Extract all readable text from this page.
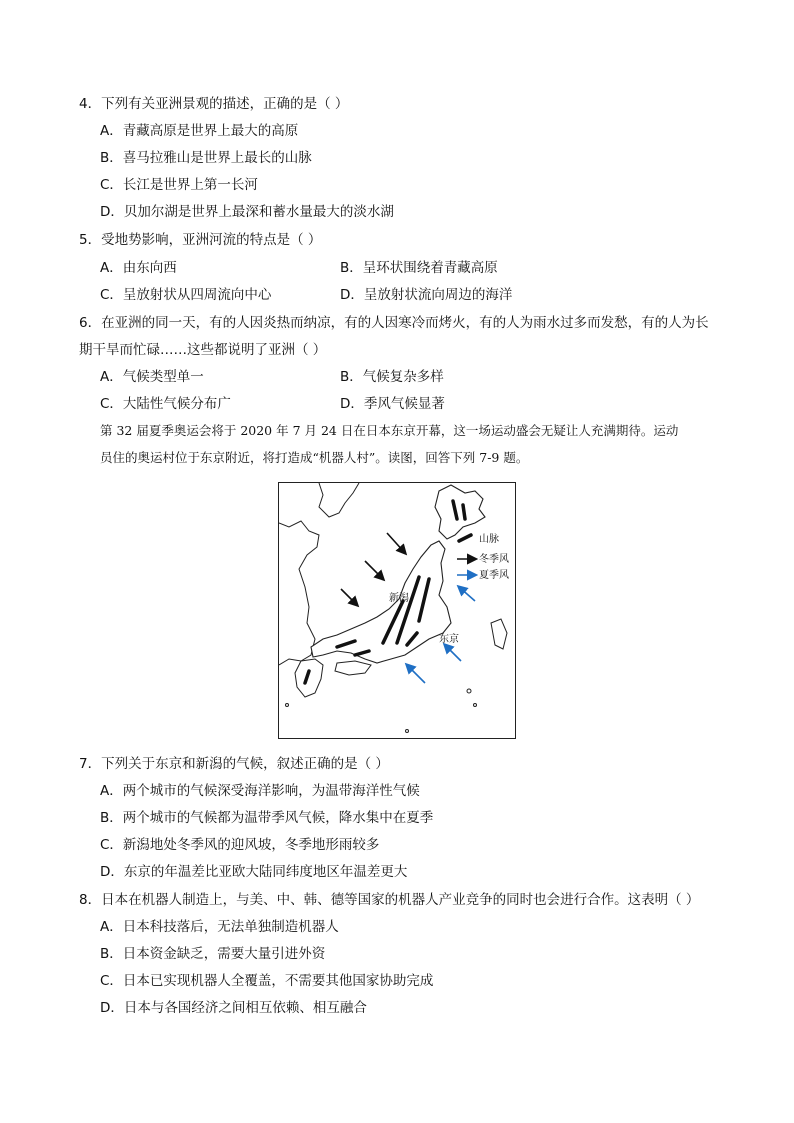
4．下列有关亚洲景观的描述，正确的是（ ）
A．青藏高原是世界上最大的高原
B．喜马拉雅山是世界上最长的山脉
C．长江是世界上第一长河
D．贝加尔湖是世界上最深和蓄水量最大的淡水湖
5．受地势影响，亚洲河流的特点是（ ）
A．由东向西	B．呈环状围绕着青藏高原
C．呈放射状从四周流向中心	D．呈放射状流向周边的海洋
6．在亚洲的同一天，有的人因炎热而纳凉，有的人因寒冷而烤火，有的人为雨水过多而发愁，有的人为长
期干旱而忙碌……这些都说明了亚洲（ ）
A．气候类型单一	B．气候复杂多样
C．大陆性气候分布广	D．季风气候显著
第 32 届夏季奥运会将于 2020 年 7 月 24 日在日本东京开幕，这一场运动盛会无疑让人充满期待。运动
员住的奥运村位于东京附近，将打造成“机器人村”。读图，回答下列 7-9 题。
新潟
东京
山脉
冬季风
夏季风
7．下列关于东京和新潟的气候，叙述正确的是（ ）
A．两个城市的气候深受海洋影响，为温带海洋性气候
B．两个城市的气候都为温带季风气候，降水集中在夏季
C．新潟地处冬季风的迎风坡，冬季地形雨较多
D．东京的年温差比亚欧大陆同纬度地区年温差更大
8．日本在机器人制造上，与美、中、韩、德等国家的机器人产业竞争的同时也会进行合作。这表明（ ）
A．日本科技落后，无法单独制造机器人
B．日本资金缺乏，需要大量引进外资
C．日本已实现机器人全覆盖，不需要其他国家协助完成
D．日本与各国经济之间相互依赖、相互融合
